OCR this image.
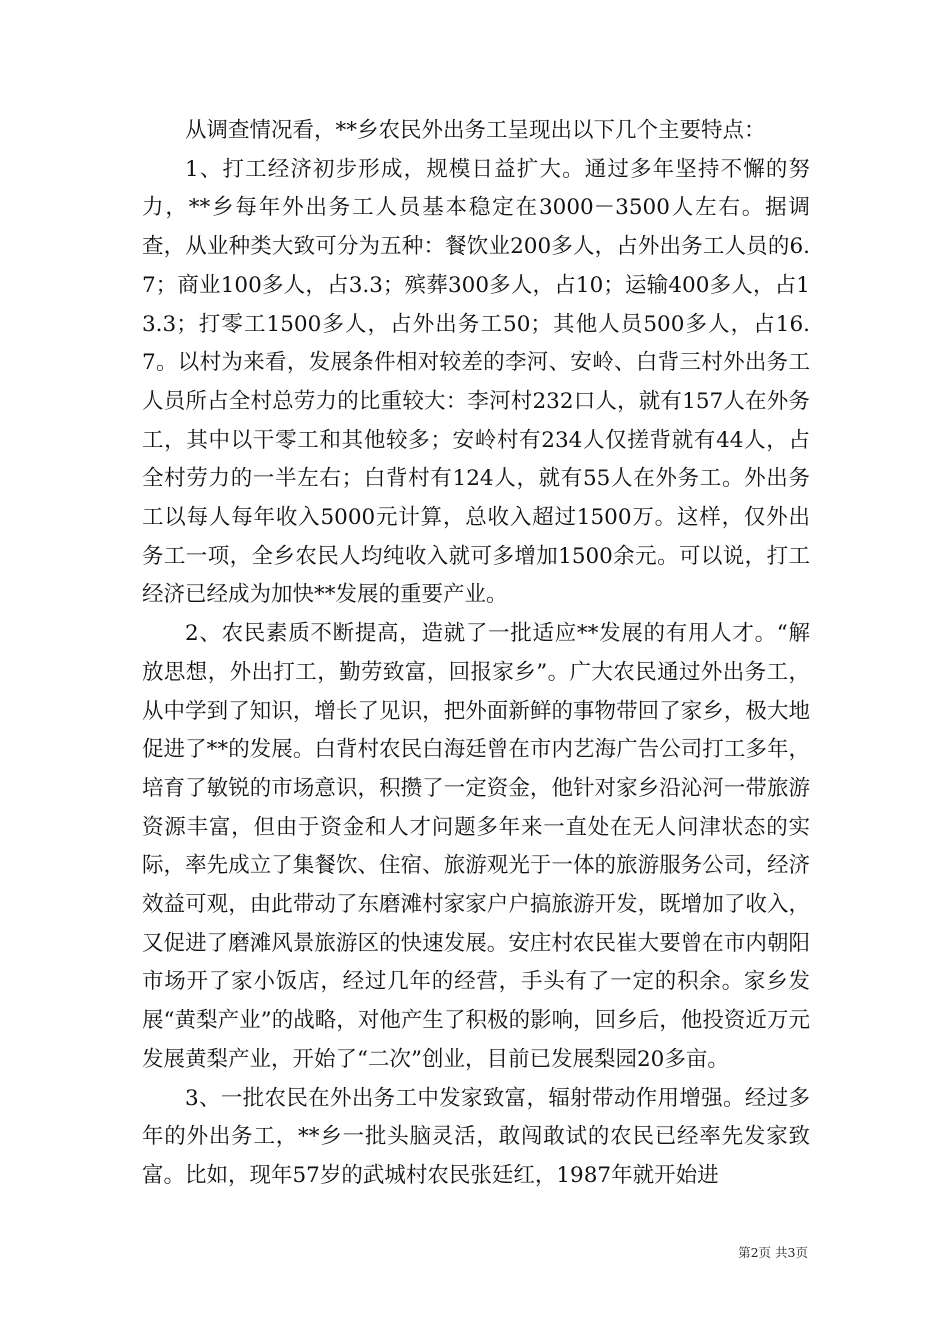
从调查情况看，**乡农民外出务工呈现出以下几个主要特点：

1、打工经济初步形成，规模日益扩大。通过多年坚持不懈的努力，**乡每年外出务工人员基本稳定在3000－3500人左右。据调查，从业种类大致可分为五种：餐饮业200多人，占外出务工人员的6.7；商业100多人，占3.3；殡葬300多人，占10；运输400多人，占13.3；打零工1500多人，占外出务工50；其他人员500多人，占16.7。以村为来看，发展条件相对较差的李河、安岭、白背三村外出务工人员所占全村总劳力的比重较大：李河村232口人，就有157人在外务工，其中以干零工和其他较多；安岭村有234人仅搓背就有44人，占全村劳力的一半左右；白背村有124人，就有55人在外务工。外出务工以每人每年收入5000元计算，总收入超过1500万。这样，仅外出务工一项，全乡农民人均纯收入就可多增加1500余元。可以说，打工经济已经成为加快**发展的重要产业。

2、农民素质不断提高，造就了一批适应**发展的有用人才。“解放思想，外出打工，勤劳致富，回报家乡”。广大农民通过外出务工，从中学到了知识，增长了见识，把外面新鲜的事物带回了家乡，极大地促进了**的发展。白背村农民白海廷曾在市内艺海广告公司打工多年，培育了敏锐的市场意识，积攒了一定资金，他针对家乡沿沁河一带旅游资源丰富，但由于资金和人才问题多年来一直处在无人问津状态的实际，率先成立了集餐饮、住宿、旅游观光于一体的旅游服务公司，经济效益可观，由此带动了东磨滩村家家户户搞旅游开发，既增加了收入，又促进了磨滩风景旅游区的快速发展。安庄村农民崔大要曾在市内朝阳市场开了家小饭店，经过几年的经营，手头有了一定的积余。家乡发展“黄梨产业”的战略，对他产生了积极的影响，回乡后，他投资近万元发展黄梨产业，开始了“二次”创业，目前已发展梨园20多亩。

3、一批农民在外出务工中发家致富，辐射带动作用增强。经过多年的外出务工，**乡一批头脑灵活，敢闯敢试的农民已经率先发家致富。比如，现年57岁的武城村农民张廷红，1987年就开始进

第2页 共3页
